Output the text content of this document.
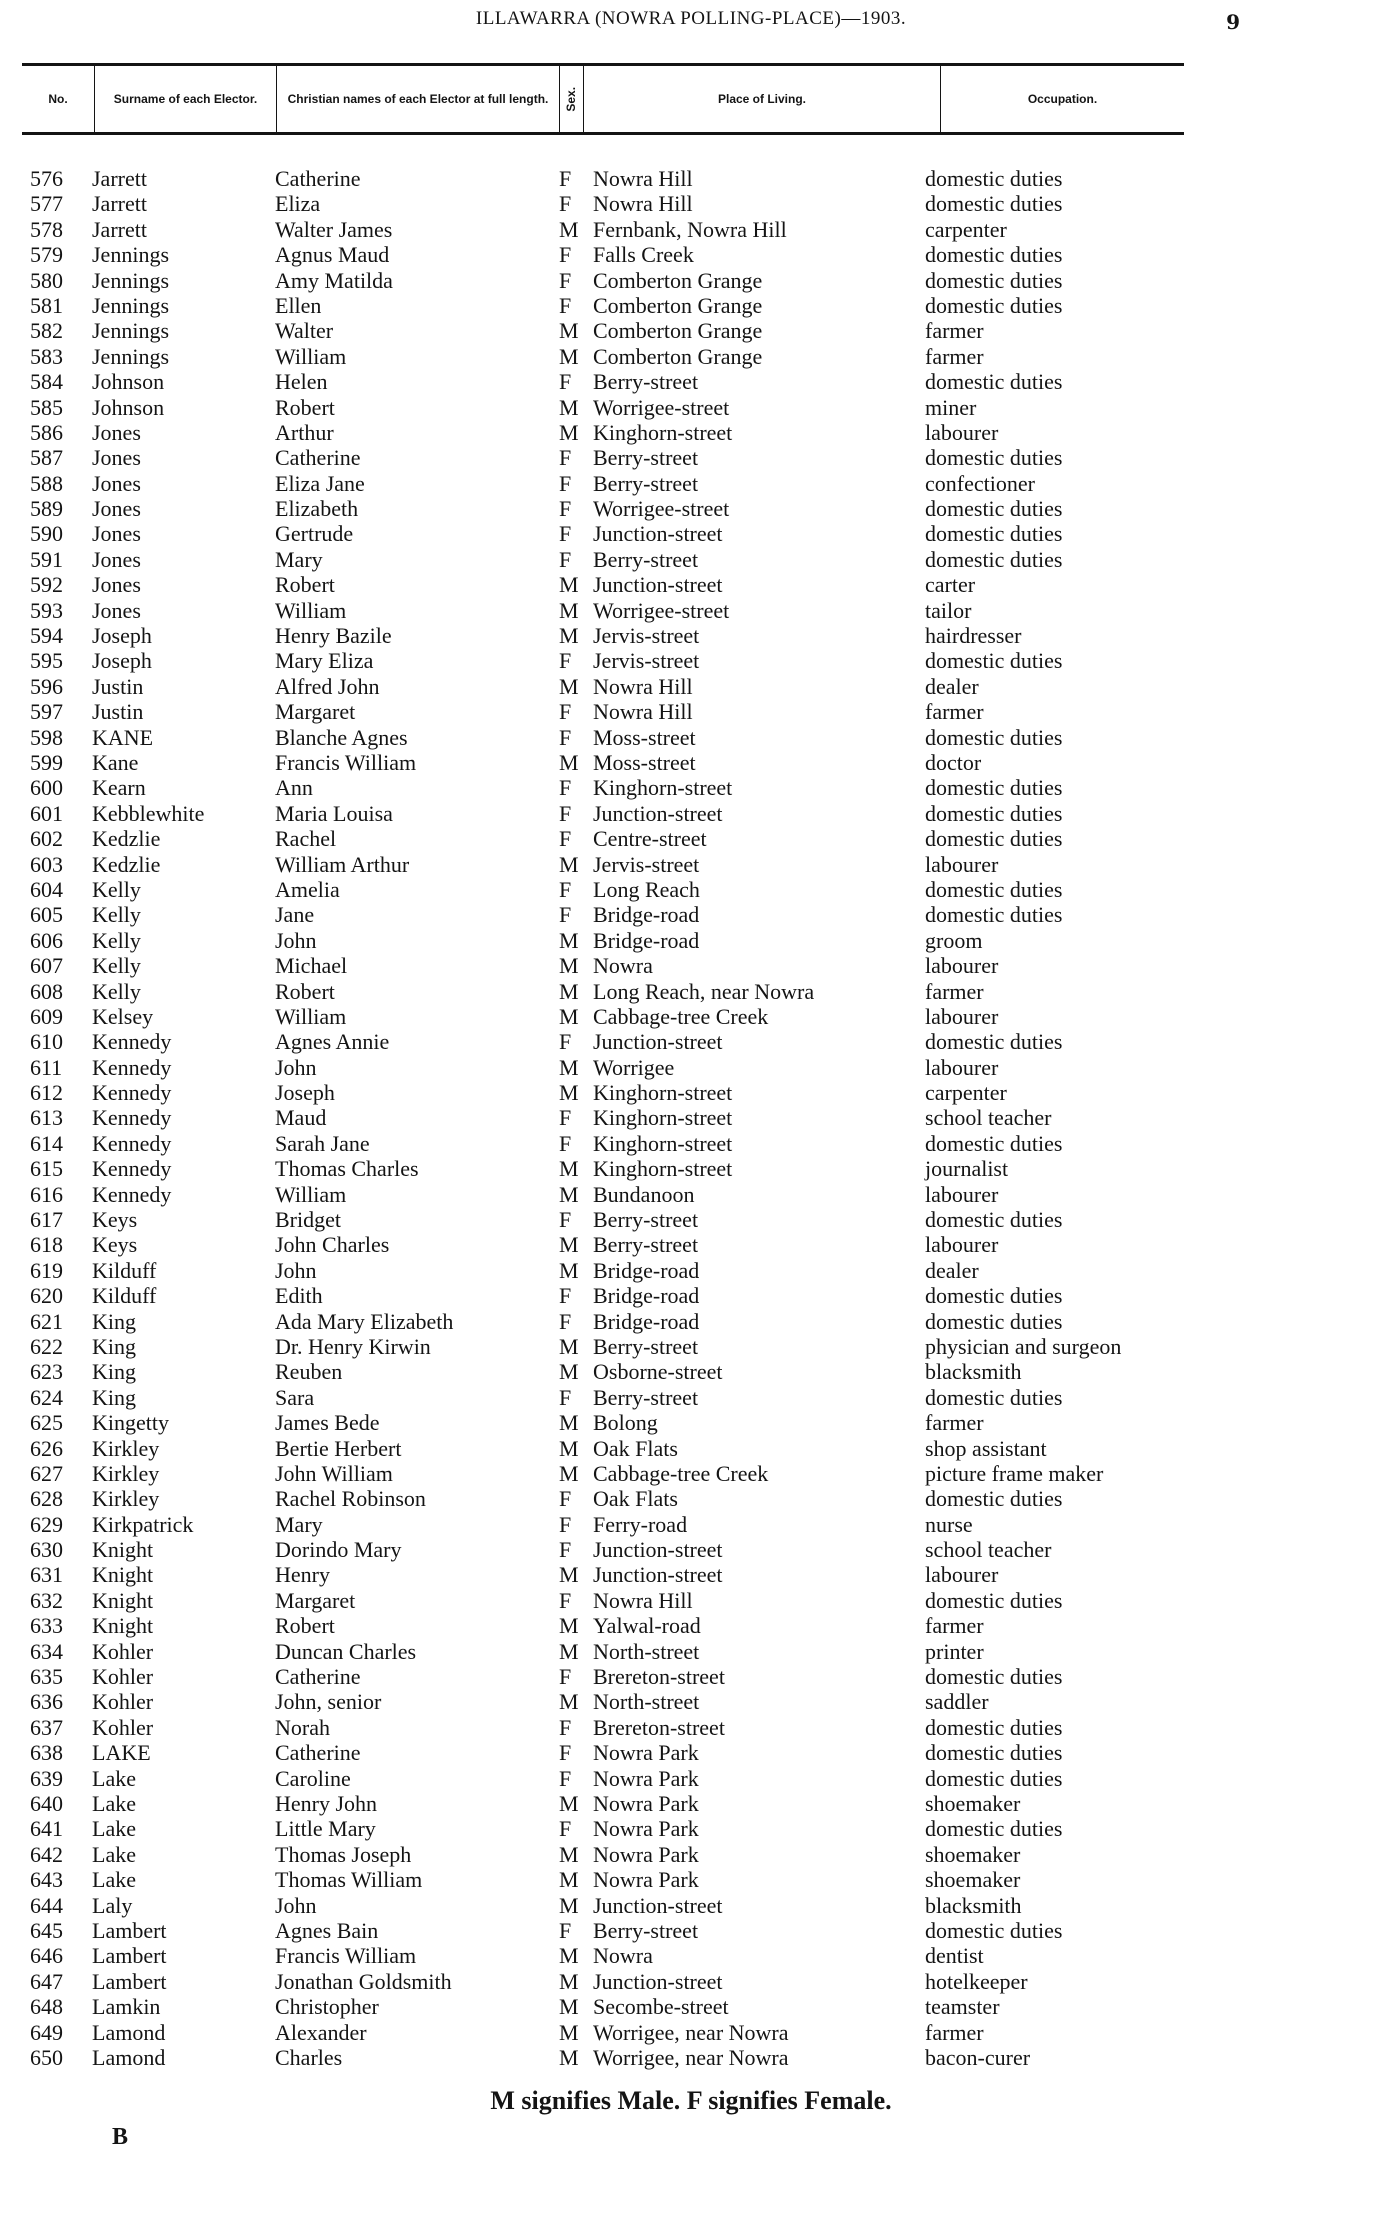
ILLAWARRA (NOWRA POLLING-PLACE)—1903.	9
No.	Surname of each Elector.	Christian names of each Elector at full length.	Sex.	Place of Living.	Occupation.
576	Jarrett	Catherine	F Nowra Hill	domestic duties
577	Jarrett	Eliza	F Nowra Hill	domestic duties
578	Jarrett	Walter James	M Fernbank, Nowra Hill	carpenter
579	Jennings	Agnus Maud	F Falls Creek	domestic duties
580	Jennings	Amy Matilda	F Comberton Grange	domestic duties
581	Jennings	Ellen	F Comberton Grange	domestic duties
582	Jennings	Walter	M Comberton Grange	farmer
583	Jennings	William	M Comberton Grange	farmer
584	Johnson	Helen	F Berry-street	domestic duties
585	Johnson	Robert	M Worrigee-street	miner
586	Jones	Arthur	M Kinghorn-street	labourer
587	Jones	Catherine	F Berry-street	domestic duties
588	Jones	Eliza Jane	F Berry-street	confectioner
589	Jones	Elizabeth	F Worrigee-street	domestic duties
590	Jones	Gertrude	F Junction-street	domestic duties
591	Jones	Mary	F Berry-street	domestic duties
592	Jones	Robert	M Junction-street	carter
593	Jones	William	M Worrigee-street	tailor
594	Joseph	Henry Bazile	M Jervis-street	hairdresser
595	Joseph	Mary Eliza	F Jervis-street	domestic duties
596	Justin	Alfred John	M Nowra Hill	dealer
597	Justin	Margaret	F Nowra Hill	farmer
598	KANE	Blanche Agnes	F Moss-street	domestic duties
599	Kane	Francis William	M Moss-street	doctor
600	Kearn	Ann	F Kinghorn-street	domestic duties
601	Kebblewhite	Maria Louisa	F Junction-street	domestic duties
602	Kedzlie	Rachel	F Centre-street	domestic duties
603	Kedzlie	William Arthur	M Jervis-street	labourer
604	Kelly	Amelia	F Long Reach	domestic duties
605	Kelly	Jane	F Bridge-road	domestic duties
606	Kelly	John	M Bridge-road	groom
607	Kelly	Michael	M Nowra	labourer
608	Kelly	Robert	M Long Reach, near Nowra	farmer
609	Kelsey	William	M Cabbage-tree Creek	labourer
610	Kennedy	Agnes Annie	F Junction-street	domestic duties
611	Kennedy	John	M Worrigee	labourer
612	Kennedy	Joseph	M Kinghorn-street	carpenter
613	Kennedy	Maud	F Kinghorn-street	school teacher
614	Kennedy	Sarah Jane	F Kinghorn-street	domestic duties
615	Kennedy	Thomas Charles	M Kinghorn-street	journalist
616	Kennedy	William	M Bundanoon	labourer
617	Keys	Bridget	F Berry-street	domestic duties
618	Keys	John Charles	M Berry-street	labourer
619	Kilduff	John	M Bridge-road	dealer
620	Kilduff	Edith	F Bridge-road	domestic duties
621	King	Ada Mary Elizabeth	F Bridge-road	domestic duties
622	King	Dr. Henry Kirwin	M Berry-street	physician and surgeon
623	King	Reuben	M Osborne-street	blacksmith
624	King	Sara	F Berry-street	domestic duties
625	Kingetty	James Bede	M Bolong	farmer
626	Kirkley	Bertie Herbert	M Oak Flats	shop assistant
627	Kirkley	John William	M Cabbage-tree Creek	picture frame maker
628	Kirkley	Rachel Robinson	F Oak Flats	domestic duties
629	Kirkpatrick	Mary	F Ferry-road	nurse
630	Knight	Dorindo Mary	F Junction-street	school teacher
631	Knight	Henry	M Junction-street	labourer
632	Knight	Margaret	F Nowra Hill	domestic duties
633	Knight	Robert	M Yalwal-road	farmer
634	Kohler	Duncan Charles	M North-street	printer
635	Kohler	Catherine	F Brereton-street	domestic duties
636	Kohler	John, senior	M North-street	saddler
637	Kohler	Norah	F Brereton-street	domestic duties
638	LAKE	Catherine	F Nowra Park	domestic duties
639	Lake	Caroline	F Nowra Park	domestic duties
640	Lake	Henry John	M Nowra Park	shoemaker
641	Lake	Little Mary	F Nowra Park	domestic duties
642	Lake	Thomas Joseph	M Nowra Park	shoemaker
643	Lake	Thomas William	M Nowra Park	shoemaker
644	Laly	John	M Junction-street	blacksmith
645	Lambert	Agnes Bain	F Berry-street	domestic duties
646	Lambert	Francis William	M Nowra	dentist
647	Lambert	Jonathan Goldsmith	M Junction-street	hotelkeeper
648	Lamkin	Christopher	M Secombe-street	teamster
649	Lamond	Alexander	M Worrigee, near Nowra	farmer
650	Lamond	Charles	M Worrigee, near Nowra	bacon-curer
M signifies Male. F signifies Female.
B
